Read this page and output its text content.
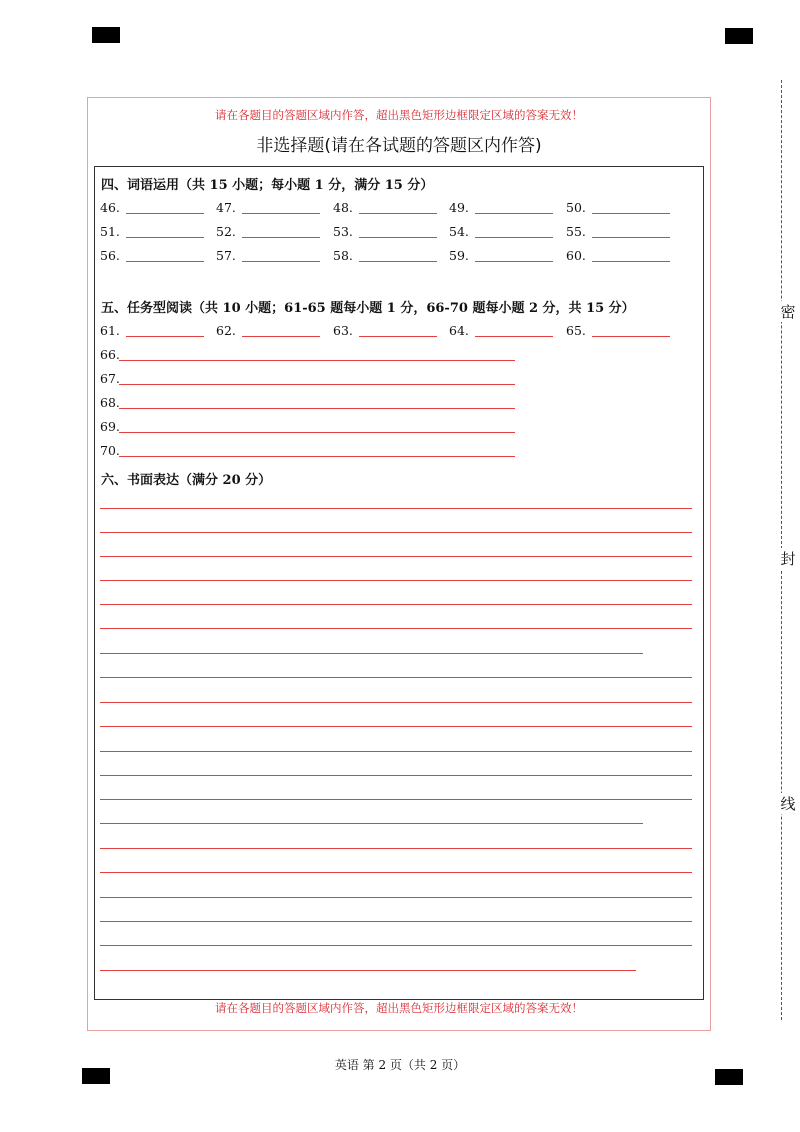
密
封
线
请在各题目的答题区域内作答，超出黑色矩形边框限定区域的答案无效！
非选择题(请在各试题的答题区内作答)
四、词语运用（共 15 小题；每小题 1 分，满分 15 分）
46.	47.	48.	49.	50.
51.	52.	53.	54.	55.
56.	57.	58.	59.	60.
五、任务型阅读（共 10 小题；61-65 题每小题 1 分，66-70 题每小题 2 分，共 15 分）
61.	62.	63.	64.	65.
66.
67.
68.
69.
70.
六、书面表达（满分 20 分）
请在各题目的答题区域内作答，超出黑色矩形边框限定区域的答案无效！
英语 第 2 页（共 2 页）
